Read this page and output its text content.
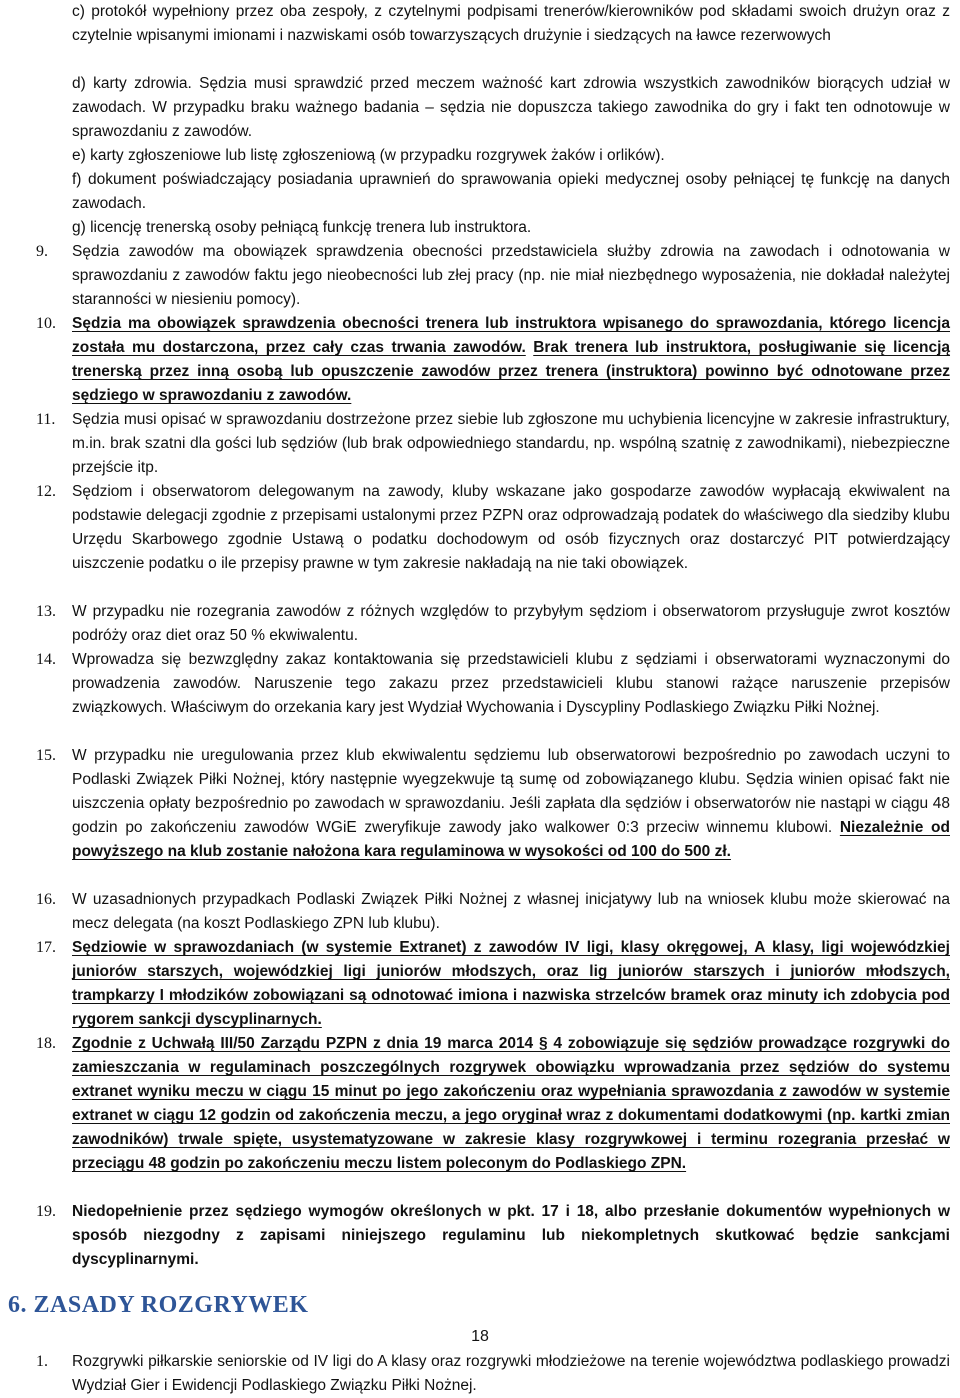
c) protokół wypełniony przez oba zespoły, z czytelnymi podpisami trenerów/kierowników pod składami swoich drużyn oraz z czytelnie wpisanymi imionami i nazwiskami osób towarzyszących drużynie i siedzących na ławce rezerwowych
d) karty zdrowia. Sędzia musi sprawdzić przed meczem ważność kart zdrowia wszystkich zawodników biorących udział w zawodach. W przypadku braku ważnego badania – sędzia nie dopuszcza takiego zawodnika do gry i fakt ten odnotowuje w sprawozdaniu z zawodów.
e) karty zgłoszeniowe lub listę zgłoszeniową (w przypadku rozgrywek żaków i orlików).
f) dokument poświadczający posiadania uprawnień do sprawowania opieki medycznej osoby pełniącej tę funkcję na danych zawodach.
g) licencję trenerską osoby pełniącą funkcję trenera lub instruktora.
9.	Sędzia zawodów ma obowiązek sprawdzenia obecności przedstawiciela służby zdrowia na zawodach i odnotowania w sprawozdaniu z zawodów faktu jego nieobecności lub złej pracy (np. nie miał niezbędnego wyposażenia, nie dokładał należytej staranności w niesieniu pomocy).
10.	Sędzia ma obowiązek sprawdzenia obecności trenera lub instruktora wpisanego do sprawozdania, którego licencja została mu dostarczona, przez cały czas trwania zawodów. Brak trenera lub instruktora, posługiwanie się licencją trenerską przez inną osobą lub opuszczenie zawodów przez trenera (instruktora) powinno być odnotowane przez sędziego w sprawozdaniu z zawodów.
11.	Sędzia musi opisać w sprawozdaniu dostrzeżone przez siebie lub zgłoszone mu uchybienia licencyjne w zakresie infrastruktury, m.in. brak szatni dla gości lub sędziów (lub brak odpowiedniego standardu, np. wspólną szatnię z zawodnikami), niebezpieczne przejście itp.
12.	Sędziom i obserwatorom delegowanym na zawody, kluby wskazane jako gospodarze zawodów wypłacają ekwiwalent na podstawie delegacji zgodnie z przepisami ustalonymi przez PZPN oraz odprowadzają podatek do właściwego dla siedziby klubu Urzędu Skarbowego zgodnie Ustawą o podatku dochodowym od osób fizycznych oraz dostarczyć PIT potwierdzający uiszczenie podatku o ile przepisy prawne w tym zakresie nakładają na nie taki obowiązek.
13.	W przypadku nie rozegrania zawodów z różnych względów to przybyłym sędziom i obserwatorom przysługuje zwrot kosztów podróży oraz diet oraz 50 % ekwiwalentu.
14.	Wprowadza się bezwzględny zakaz kontaktowania się przedstawicieli klubu z sędziami i obserwatorami wyznaczonymi do prowadzenia zawodów. Naruszenie tego zakazu przez przedstawicieli klubu stanowi rażące naruszenie przepisów związkowych. Właściwym do orzekania kary jest Wydział Wychowania i Dyscypliny Podlaskiego Związku Piłki Nożnej.
15.	W przypadku nie uregulowania przez klub ekwiwalentu sędziemu lub obserwatorowi bezpośrednio po zawodach uczyni to Podlaski Związek Piłki Nożnej, który następnie wyegzekwuje tą sumę od zobowiązanego klubu. Sędzia winien opisać fakt nie uiszczenia opłaty bezpośrednio po zawodach w sprawozdaniu. Jeśli zapłata dla sędziów i obserwatorów nie nastąpi w ciągu 48 godzin po zakończeniu zawodów WGiE zweryfikuje zawody jako walkower 0:3 przeciw winnemu klubowi. Niezależnie od powyższego na klub zostanie nałożona kara regulaminowa w wysokości od 100 do 500 zł.
16.	W uzasadnionych przypadkach Podlaski Związek Piłki Nożnej z własnej inicjatywy lub na wniosek klubu może skierować na mecz delegata (na koszt Podlaskiego ZPN lub klubu).
17.	Sędziowie w sprawozdaniach (w systemie Extranet) z zawodów IV ligi, klasy okręgowej, A klasy, ligi wojewódzkiej juniorów starszych, wojewódzkiej ligi juniorów młodszych, oraz lig juniorów starszych i juniorów młodszych, trampkarzy I młodzików zobowiązani są odnotować imiona i nazwiska strzelców bramek oraz minuty ich zdobycia pod rygorem sankcji dyscyplinarnych.
18.	Zgodnie z Uchwałą III/50 Zarządu PZPN z dnia 19 marca 2014 § 4 zobowiązuje się sędziów prowadzące rozgrywki do zamieszczania w regulaminach poszczególnych rozgrywek obowiązku wprowadzania przez sędziów do systemu extranet wyniku meczu w ciągu 15 minut po jego zakończeniu oraz wypełniania sprawozdania z zawodów w systemie extranet w ciągu 12 godzin od zakończenia meczu, a jego oryginał wraz z dokumentami dodatkowymi (np. kartki zmian zawodników) trwale spięte, usystematyzowane w zakresie klasy rozgrywkowej i terminu rozegrania przesłać w przeciągu 48 godzin po zakończeniu meczu listem poleconym do Podlaskiego ZPN.
19.	Niedopełnienie przez sędziego wymogów określonych w pkt. 17 i 18, albo przesłanie dokumentów wypełnionych w sposób niezgodny z zapisami niniejszego regulaminu lub niekompletnych skutkować będzie sankcjami dyscyplinarnymi.
6. ZASADY ROZGRYWEK
18
1.	Rozgrywki piłkarskie seniorskie od IV ligi do A klasy oraz rozgrywki młodzieżowe na terenie województwa podlaskiego prowadzi Wydział Gier i Ewidencji Podlaskiego Związku Piłki Nożnej.
